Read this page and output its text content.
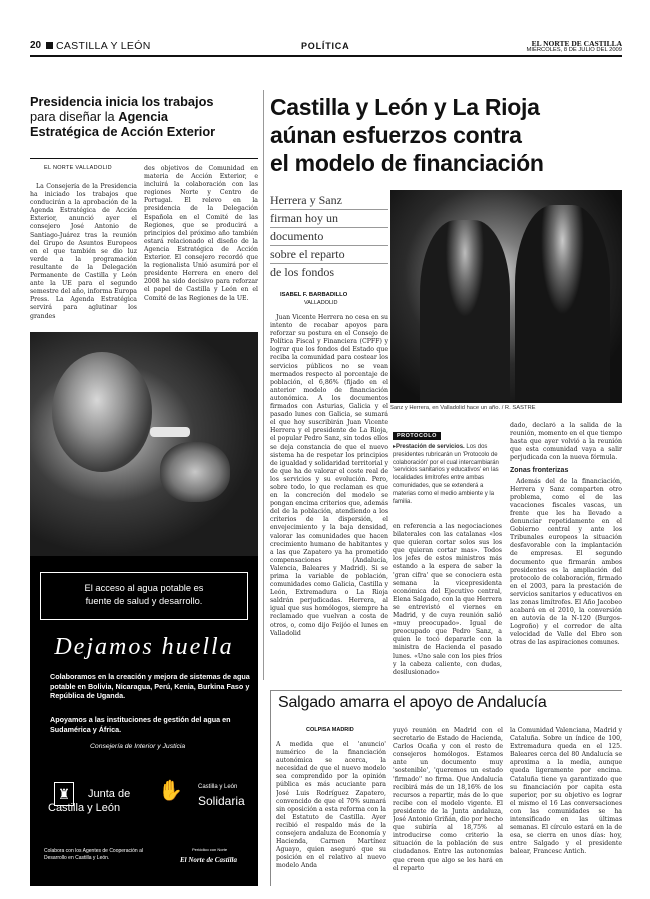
20 CASTILLA Y LEÓN	POLÍTICA	EL NORTE DE CASTILLA
MIÉRCOLES, 8 DE JULIO DEL 2009
Presidencia inicia los trabajos
para diseñar la Agencia
Estratégica de Acción Exterior
EL NORTE VALLADOLID

La Consejería de la Presidencia ha iniciado los trabajos que conducirán a la aprobación de la Agenda Estratégica de Acción Exterior, anunció ayer el consejero José Antonio de Santiago-Juárez tras la reunión del Grupo de Asuntos Europeos en el que también se dio luz verde a la programación resultante de la Delegación Permanente de Castilla y León ante la UE para el segundo semestre del año, informa Europa Press. La Agenda Estratégica servirá para aglutinar los grandes

des objetivos de Comunidad en materia de Acción Exterior, e incluirá la colaboración con las regiones Norte y Centro de Portugal. El relevo en la presidencia de la Delegación Española en el Comité de las Regiones, que se producirá a principios del próximo año también estará relacionado el diseño de la Agencia Estratégica de Acción Exterior. El consejero recordó que la regionalista Unió asumirá por el presidente Herrera en enero del 2008 ha sido decisivo para reforzar el papel de Castilla y León en el Comité de las Regiones de la UE.

Castilla y León y La Rioja
aúnan esfuerzos contra
el modelo de financiación
Herrera y Sanz
firman hoy un
documento
sobre el reparto
de los fondos
ISABEL F. BARBADILLO
VALLADOLID
Sanz y Herrera, en Valladolid hace un año. / R. SASTRE

Juan Vicente Herrera no cesa en su intento de recabar apoyos para reforzar su postura en el Consejo de Política Fiscal y Financiera (CPFF) y lograr que los fondos del Estado que reciba la comunidad para costear los servicios públicos no se vean mermados respecto al porcentaje de población, el 6,86% (fijado en el anterior modelo de financiación autonómica. A los documentos firmados con Asturias, Galicia y el pasado lunes con Galicia, se sumará el que hoy suscribirán Juan Vicente Herrera y el presidente de La Rioja, el popular Pedro Sanz, sin todos ellos se deja constancia de que el nuevo sistema ha de respetar los principios de igualdad y solidaridad territorial y de que ha de valorar el coste real de los servicios y su evolución. Pero, sobre todo, lo que reclaman es que en la concreción del modelo se pongan encima criterios que, además del de la población, atendiendo a los criterios de la dispersión, el envejecimiento y la baja densidad, valorar las comunidades que hacen crecimiento humano de habitantes y a las que Zapatero ya ha prometido compensaciones (Andalucía, Valencia, Baleares y Madrid). Si se prima la variable de población, comunidades como Galicia, Castilla y León, Extremadura o La Rioja saldrán perjudicadas. Herrera, al igual que sus homólogos, siempre ha reclamado que vuelvan a costa de otros, o, como dijo Feijóo el lunes en Valladolid

PROTOCOLO
▸Prestación de servicios. Los dos presidentes rubricarán un 'Protocolo de colaboración' por el cual intercambiarán 'servicios sanitarios y educativos' en las localidades limítrofes entre ambas comunidades, que se extenderá a materias como el medio ambiente y la familia.

en referencia a las negociaciones bilaterales con las catalanas «los que quieran cortar solos sus los que quieran cortar mas». Todos los jefes de estos ministros más estando a la espera de saber la 'gran cifra' que se conociera esta semana la vicepresidenta económica del Ejecutivo central, Elena Salgado, con la que Herrera se entrevistó el viernes en Madrid, y de cuya reunión salió «muy preocupado». Igual de preocupado que Pedro Sanz, a quien le tocó depararle con la ministra de Hacienda el pasado lunes. «Uno sale con los pies fríos y la cabeza caliente, con dudas, desilusionado»

dado, declaró a la salida de la reunión, momento en el que tiempo hasta que ayer volvió a la reunión que esta comunidad vaya a salir perjudicada con la nueva fórmula.

Zonas fronterizas

Además del de la financiación, Herrera y Sanz comparten otro problema, como el de las vacaciones fiscales vascas, un frente que les ha llevado a denunciar repetidamente en el Gobierno central y ante los Tribunales europeos la situación desfavorable con la implantación de empresas. El segundo documento que firmarán ambos presidentes es la ampliación del protocolo de colaboración, firmado en el 2003, para la prestación de servicios sanitarios y educativos en las zonas limítrofes. El Año Jacobeo acabará en el 2010, la conversión en autovía de la N-120 (Burgos-Logroño) y el corredor de alta velocidad de Valle del Ebro son otras de las aspiraciones comunes.

El acceso al agua potable es
fuente de salud y desarrollo.
Dejamos huella
Colaboramos en la creación y mejora de sistemas de agua potable en Bolivia, Nicaragua, Perú, Kenia, Burkina Faso y República de Uganda.
Apoyamos a las instituciones de gestión del agua en Sudamérica y África.
Consejería de Interior y Justicia
♜	Junta de
Castilla y León
✋	Castilla y León
Solidaria
Colabora con los Agentes de Cooperación al Desarrollo en Castilla y León.
Periódico con Norte
El Norte de Castilla
Salgado amarra el apoyo de Andalucía
COLPISA MADRID

A medida que el 'anuncio' numérico de la financiación autonómica se acerca, la necesidad de que el nuevo modelo sea comprendido por la opinión pública es más acuciante para José Luis Rodríguez Zapatero, convencido de que el 70% sumará sin oposición a esta reforma con la del Estatuto de Castilla. Ayer recibió el respaldo más de la consejera andaluza de Economía y Hacienda, Carmen Martínez Aguayo, quien aseguró que su posición en el relativo al nuevo modelo Anda

yuyó reunión en Madrid con el secretario de Estado de Hacienda, Carlos Ocaña y con el resto de consejeros homólogos. Estamos ante un documento muy 'sostenible', 'queremos un estado 'firmado'' no firma. Que Andalucía recibirá más de un 18,16% de los recursos a repartir, más de lo que recibe con el modelo vigente. El presidente de la Junta andaluza, José Antonio Griñán, dio por hecho que subiría al 18,75% al introducirse como criterio la situación de la población de sus ciudadanos. Entre las autonomías que creen que algo se les hará en el reparto

la Comunidad Valenciana, Madrid y Cataluña. Sobre un índice de 100, Extremadura queda en el 125. Baleares cerca del 80 Andalucía se aproxima a la media, aunque queda ligeramente por encima. Cataluña tiene ya garantizado que su financiación por capita esta superior, por su objetivo es lograr el mismo el 16 Las conversaciones con las comunidades se ha intensificado en las últimas semanas. El círculo estará en la de esa, se cierra en unos días: hoy, entre Salgado y el presidente balear, Francesc Antich.
